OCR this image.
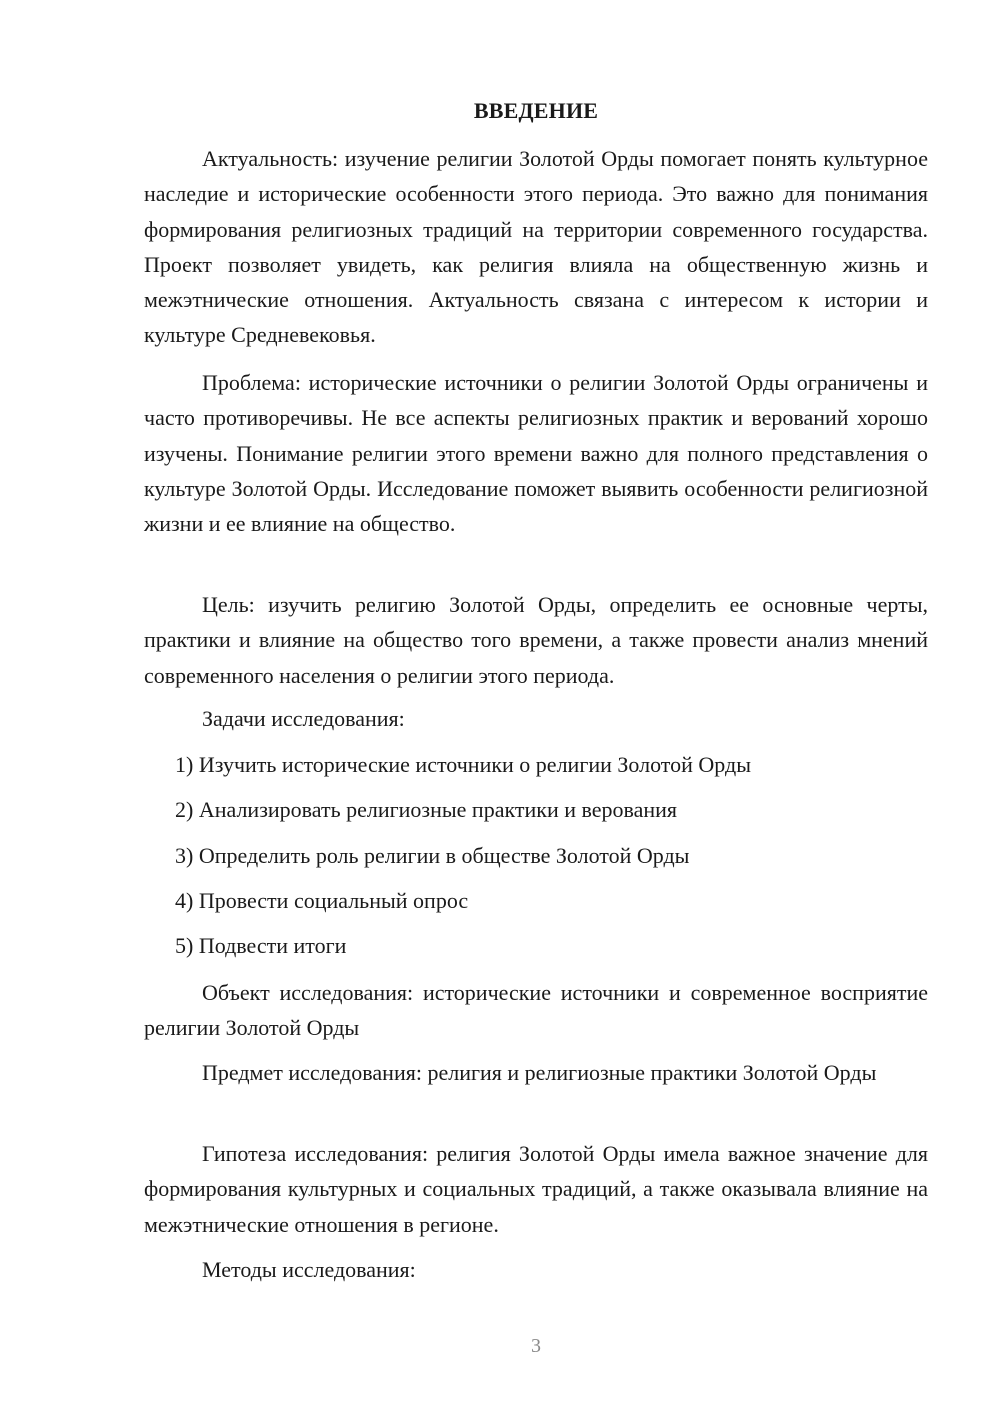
ВВЕДЕНИЕ

Актуальность: изучение религии Золотой Орды помогает понять культурное наследие и исторические особенности этого периода. Это важно для понимания формирования религиозных традиций на территории современного государства. Проект позволяет увидеть, как религия влияла на общественную жизнь и межэтнические отношения. Актуальность связана с интересом к истории и культуре Средневековья.

Проблема: исторические источники о религии Золотой Орды ограничены и часто противоречивы. Не все аспекты религиозных практик и верований хорошо изучены. Понимание религии этого времени важно для полного представления о культуре Золотой Орды. Исследование поможет выявить особенности религиозной жизни и ее влияние на общество.

Цель: изучить религию Золотой Орды, определить ее основные черты, практики и влияние на общество того времени, а также провести анализ мнений современного населения о религии этого периода.

Задачи исследования:

1) Изучить исторические источники о религии Золотой Орды

2) Анализировать религиозные практики и верования

3) Определить роль религии в обществе Золотой Орды

4) Провести социальный опрос

5) Подвести итоги

Объект исследования: исторические источники и современное восприятие религии Золотой Орды

Предмет исследования: религия и религиозные практики Золотой Орды

Гипотеза исследования: религия Золотой Орды имела важное значение для формирования культурных и социальных традиций, а также оказывала влияние на межэтнические отношения в регионе.

Методы исследования:

3
